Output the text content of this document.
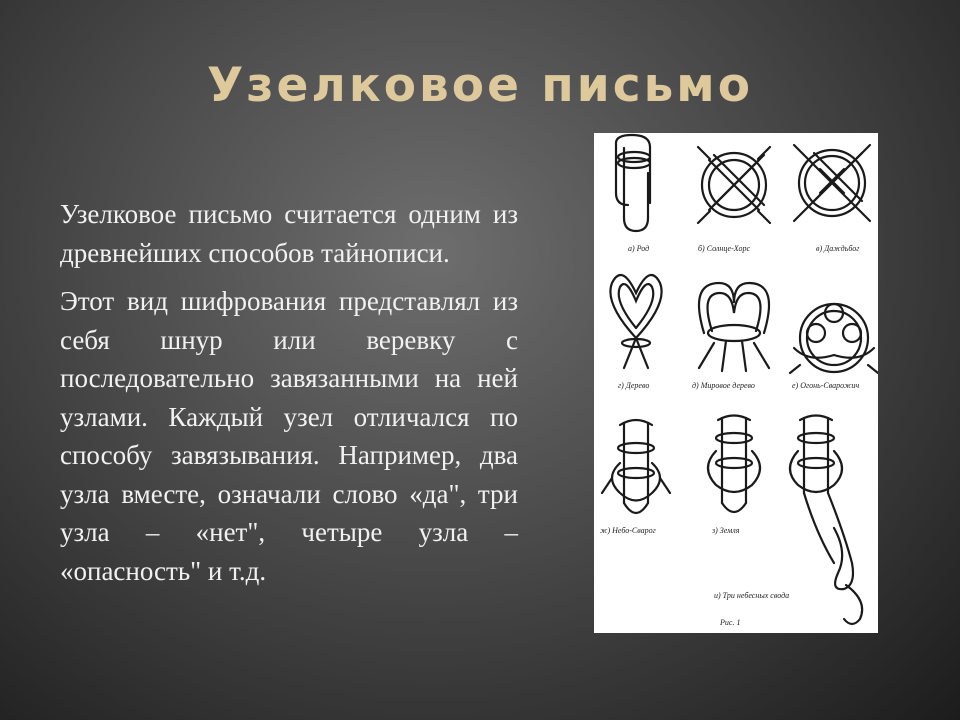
Узелковое письмо

Узелковое письмо считается одним из древнейших способов тайнописи.

Этот вид шифрования представлял из себя шнур или веревку с последовательно завязанными на ней узлами. Каждый узел отличался по способу завязывания. Например, два узла вместе, означали слово «да", три узла – «нет", четыре узла – «опасность" и т.д.

а) Род	б) Солнце-Хорс	в) Даждьбог
г) Дерево	д) Мировое дерево	е) Огонь-Сварожич
ж) Небо-Сварог	з) Земля
и) Три небесных свода
Рис. 1
